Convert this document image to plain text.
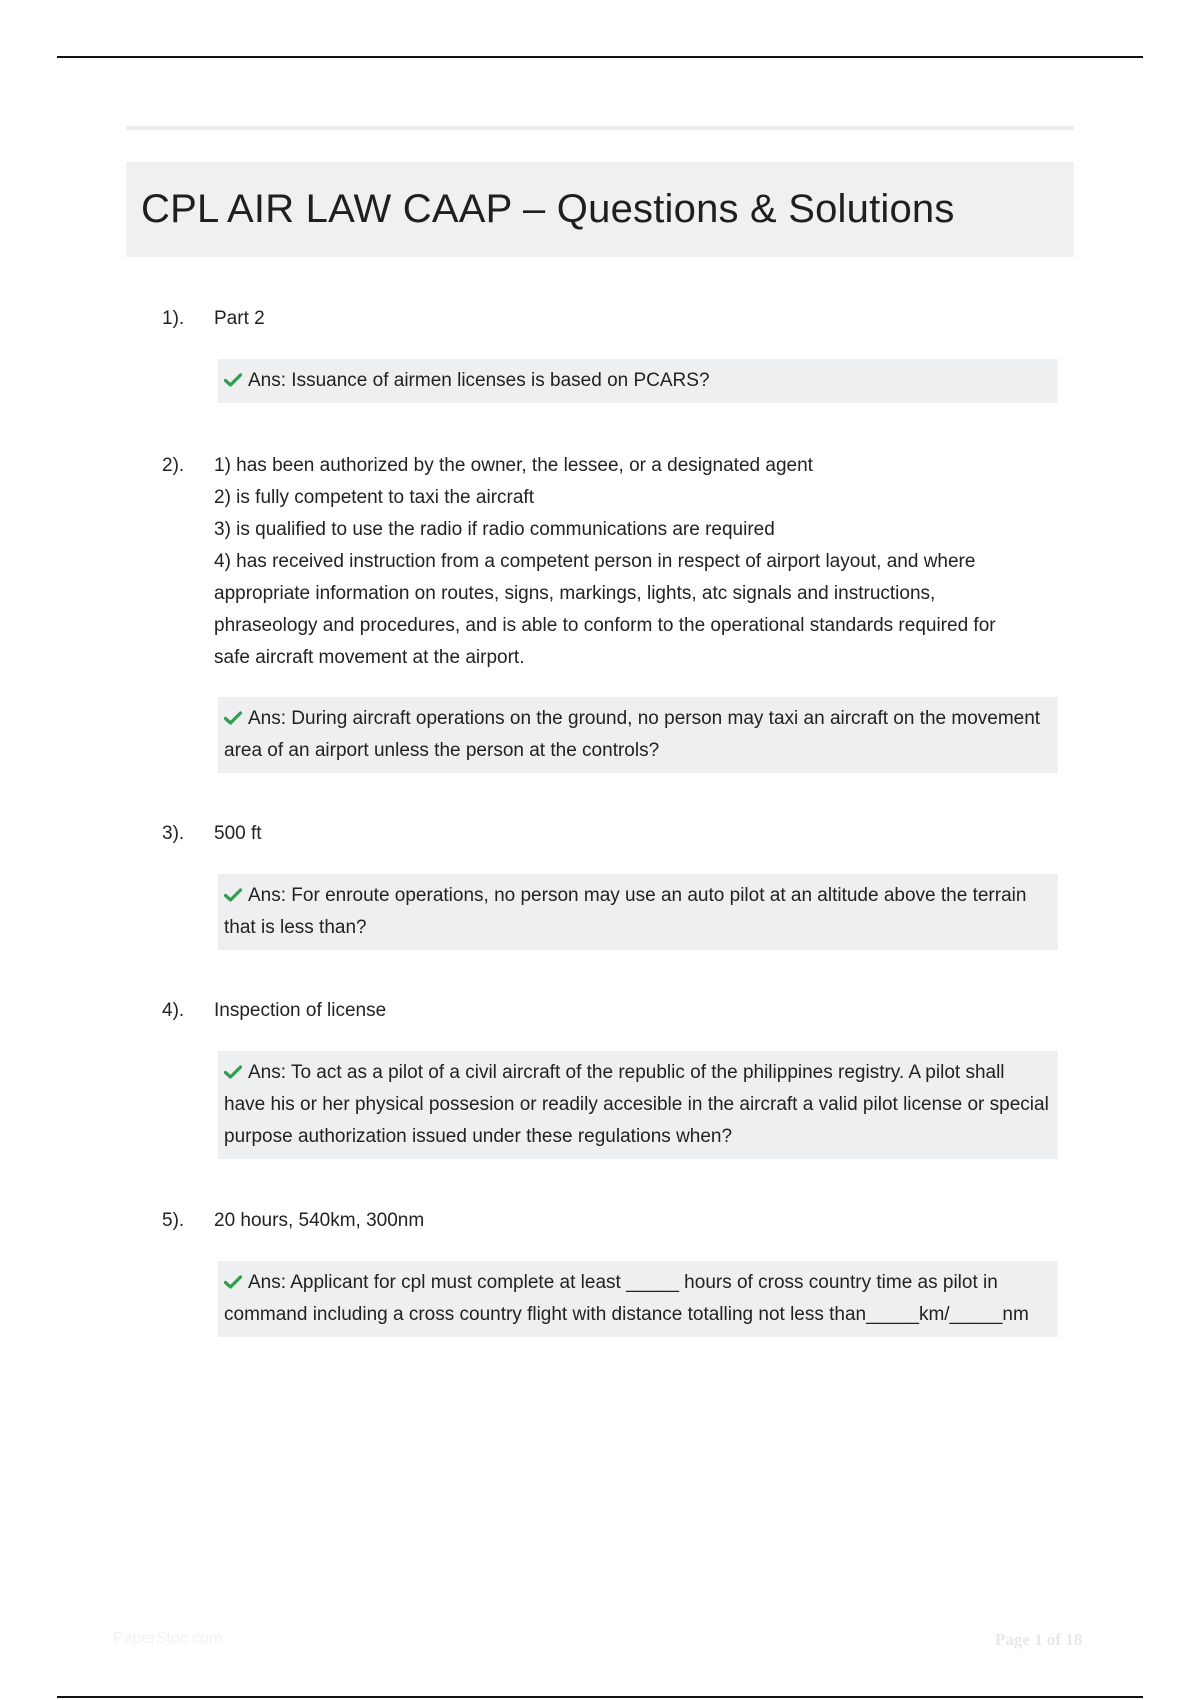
CPL AIR LAW CAAP – Questions & Solutions
1). Part 2
Ans: Issuance of airmen licenses is based on PCARS?
2). 1) has been authorized by the owner, the lessee, or a designated agent
2) is fully competent to taxi the aircraft
3) is qualified to use the radio if radio communications are required
4) has received instruction from a competent person in respect of airport layout, and where appropriate information on routes, signs, markings, lights, atc signals and instructions, phraseology and procedures, and is able to conform to the operational standards required for safe aircraft movement at the airport.
Ans: During aircraft operations on the ground, no person may taxi an aircraft on the movement area of an airport unless the person at the controls?
3). 500 ft
Ans: For enroute operations, no person may use an auto pilot at an altitude above the terrain that is less than?
4). Inspection of license
Ans: To act as a pilot of a civil aircraft of the republic of the philippines registry. A pilot shall have his or her physical possesion or readily accesible in the aircraft a valid pilot license or special purpose authorization issued under these regulations when?
5). 20 hours, 540km, 300nm
Ans: Applicant for cpl must complete at least _____ hours of cross country time as pilot in command including a cross country flight with distance totalling not less than_____km/_____nm
PaperStoc.com	Page 1 of 18
